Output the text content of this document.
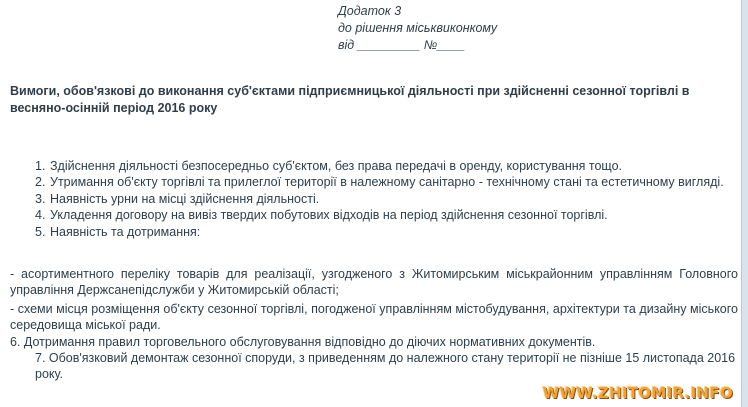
Додаток 3
до рішення міськвиконкому
від _________ №____
Вимоги, обов'язкові до виконання суб'єктами підприємницької діяльності при здійсненні сезонної торгівлі в весняно-осінній період 2016 року
1. Здійснення діяльності безпосередньо суб'єктом, без права передачі в оренду, користування тощо.
2. Утримання об'єкту торгівлі та прилеглої території в належному санітарно - технічному стані та естетичному вигляді.
3. Наявність урни на місці здійснення діяльності.
4. Укладення договору на вивіз твердих побутових відходів на період здійснення сезонної торгівлі.
5. Наявність та дотримання:
- асортиментного переліку товарів для реалізації, узгодженого з Житомирським міськрайонним управлінням Головного управління Держсанепідслужби у Житомирській області;
- схеми місця розміщення об'єкту сезонної торгівлі, погодженої управлінням містобудування, архітектури та дизайну міського середовища міської ради.
6. Дотримання правил торговельного обслуговування відповідно до діючих нормативних документів.
7. Обов'язковий демонтаж сезонної споруди, з приведенням до належного стану території не пізніше 15 листопада 2016 року.
WWW.ZHITOMIR.INFO
